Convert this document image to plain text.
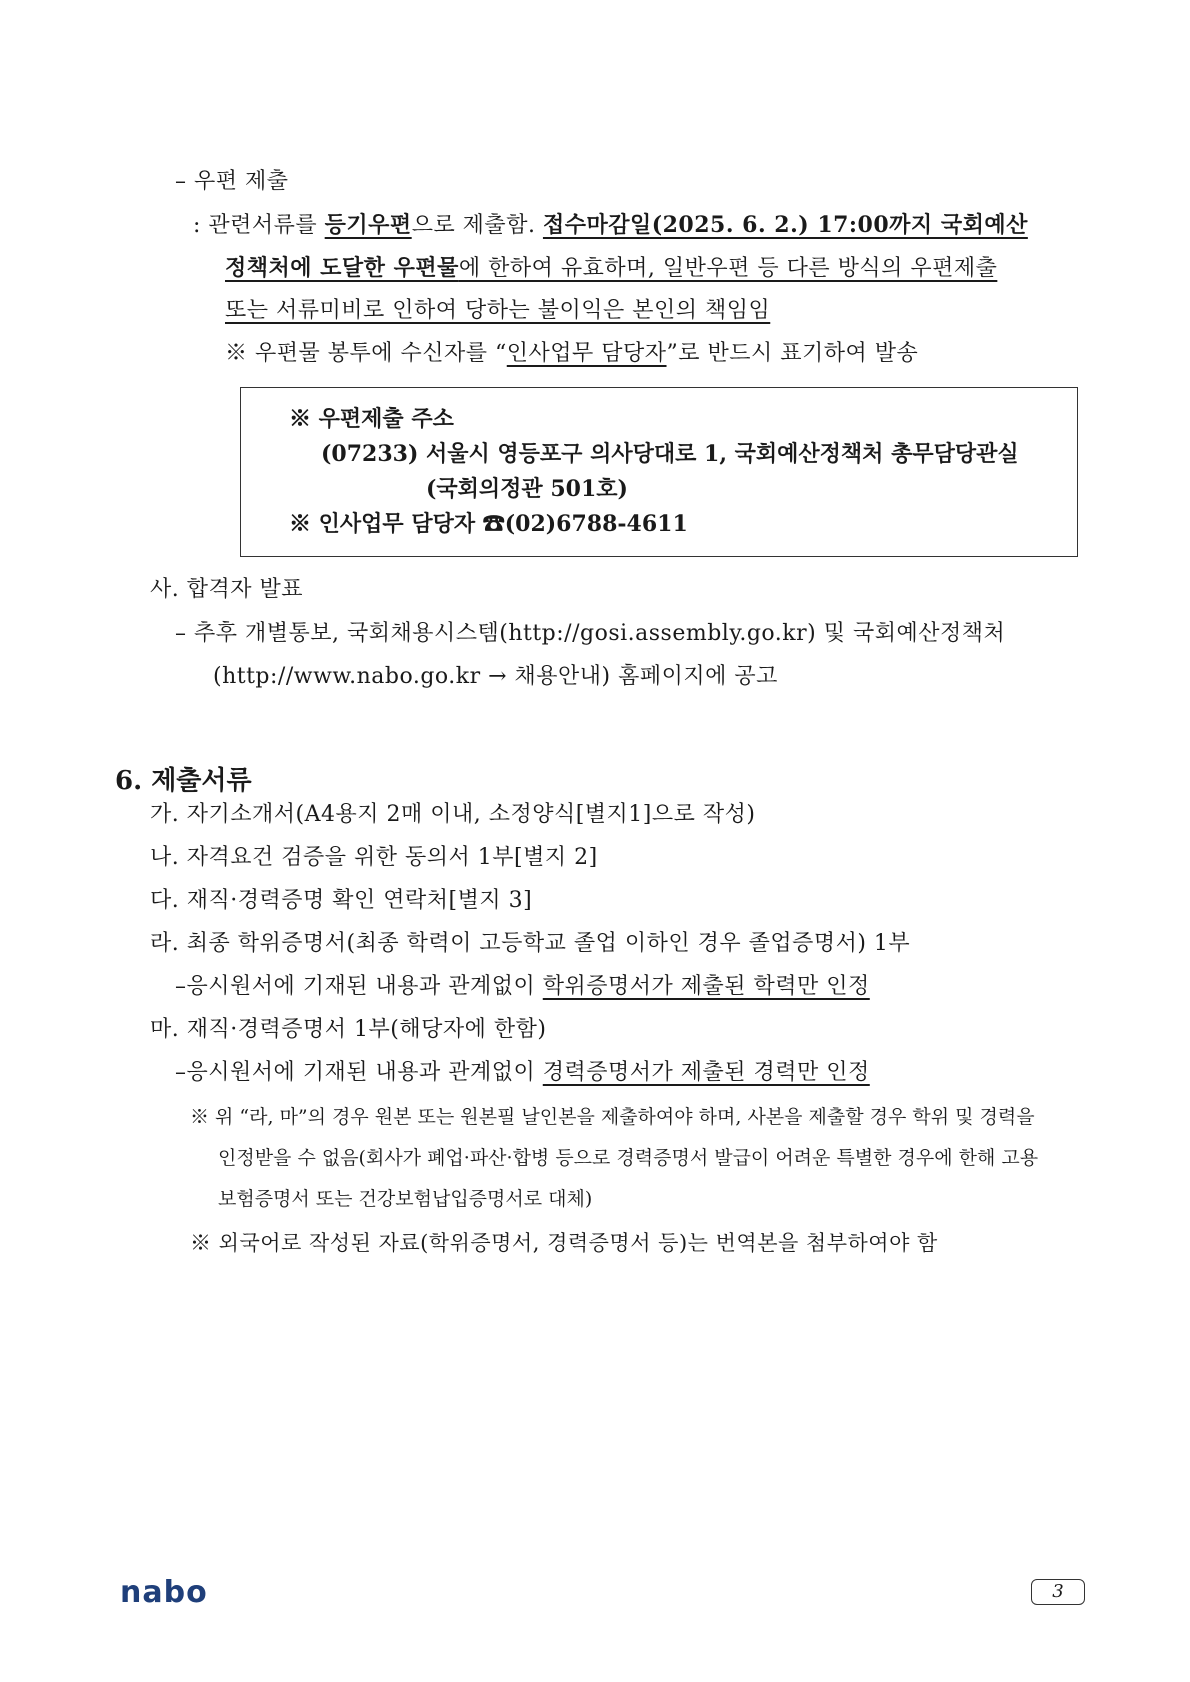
– 우편 제출
: 관련서류를 등기우편으로 제출함. 접수마감일(2025. 6. 2.) 17:00까지 국회예산
정책처에 도달한 우편물에 한하여 유효하며, 일반우편 등 다른 방식의 우편제출
또는 서류미비로 인하여 당하는 불이익은 본인의 책임임
※ 우편물 봉투에 수신자를 “인사업무 담당자”로 반드시 표기하여 발송
※ 우편제출 주소
(07233) 서울시 영등포구 의사당대로 1, 국회예산정책처 총무담당관실
(국회의정관 501호)
※ 인사업무 담당자 ☎(02)6788-4611
사. 합격자 발표
– 추후 개별통보, 국회채용시스템(http://gosi.assembly.go.kr) 및 국회예산정책처
(http://www.nabo.go.kr → 채용안내) 홈페이지에 공고
6. 제출서류
가. 자기소개서(A4용지 2매 이내, 소정양식[별지1]으로 작성)
나. 자격요건 검증을 위한 동의서 1부[별지 2]
다. 재직·경력증명 확인 연락처[별지 3]
라. 최종 학위증명서(최종 학력이 고등학교 졸업 이하인 경우 졸업증명서) 1부
–응시원서에 기재된 내용과 관계없이 학위증명서가 제출된 학력만 인정
마. 재직·경력증명서 1부(해당자에 한함)
–응시원서에 기재된 내용과 관계없이 경력증명서가 제출된 경력만 인정
※ 위 “라, 마”의 경우 원본 또는 원본필 날인본을 제출하여야 하며, 사본을 제출할 경우 학위 및 경력을
인정받을 수 없음(회사가 폐업·파산·합병 등으로 경력증명서 발급이 어려운 특별한 경우에 한해 고용
보험증명서 또는 건강보험납입증명서로 대체)
※ 외국어로 작성된 자료(학위증명서, 경력증명서 등)는 번역본을 첨부하여야 함
nabo	3
